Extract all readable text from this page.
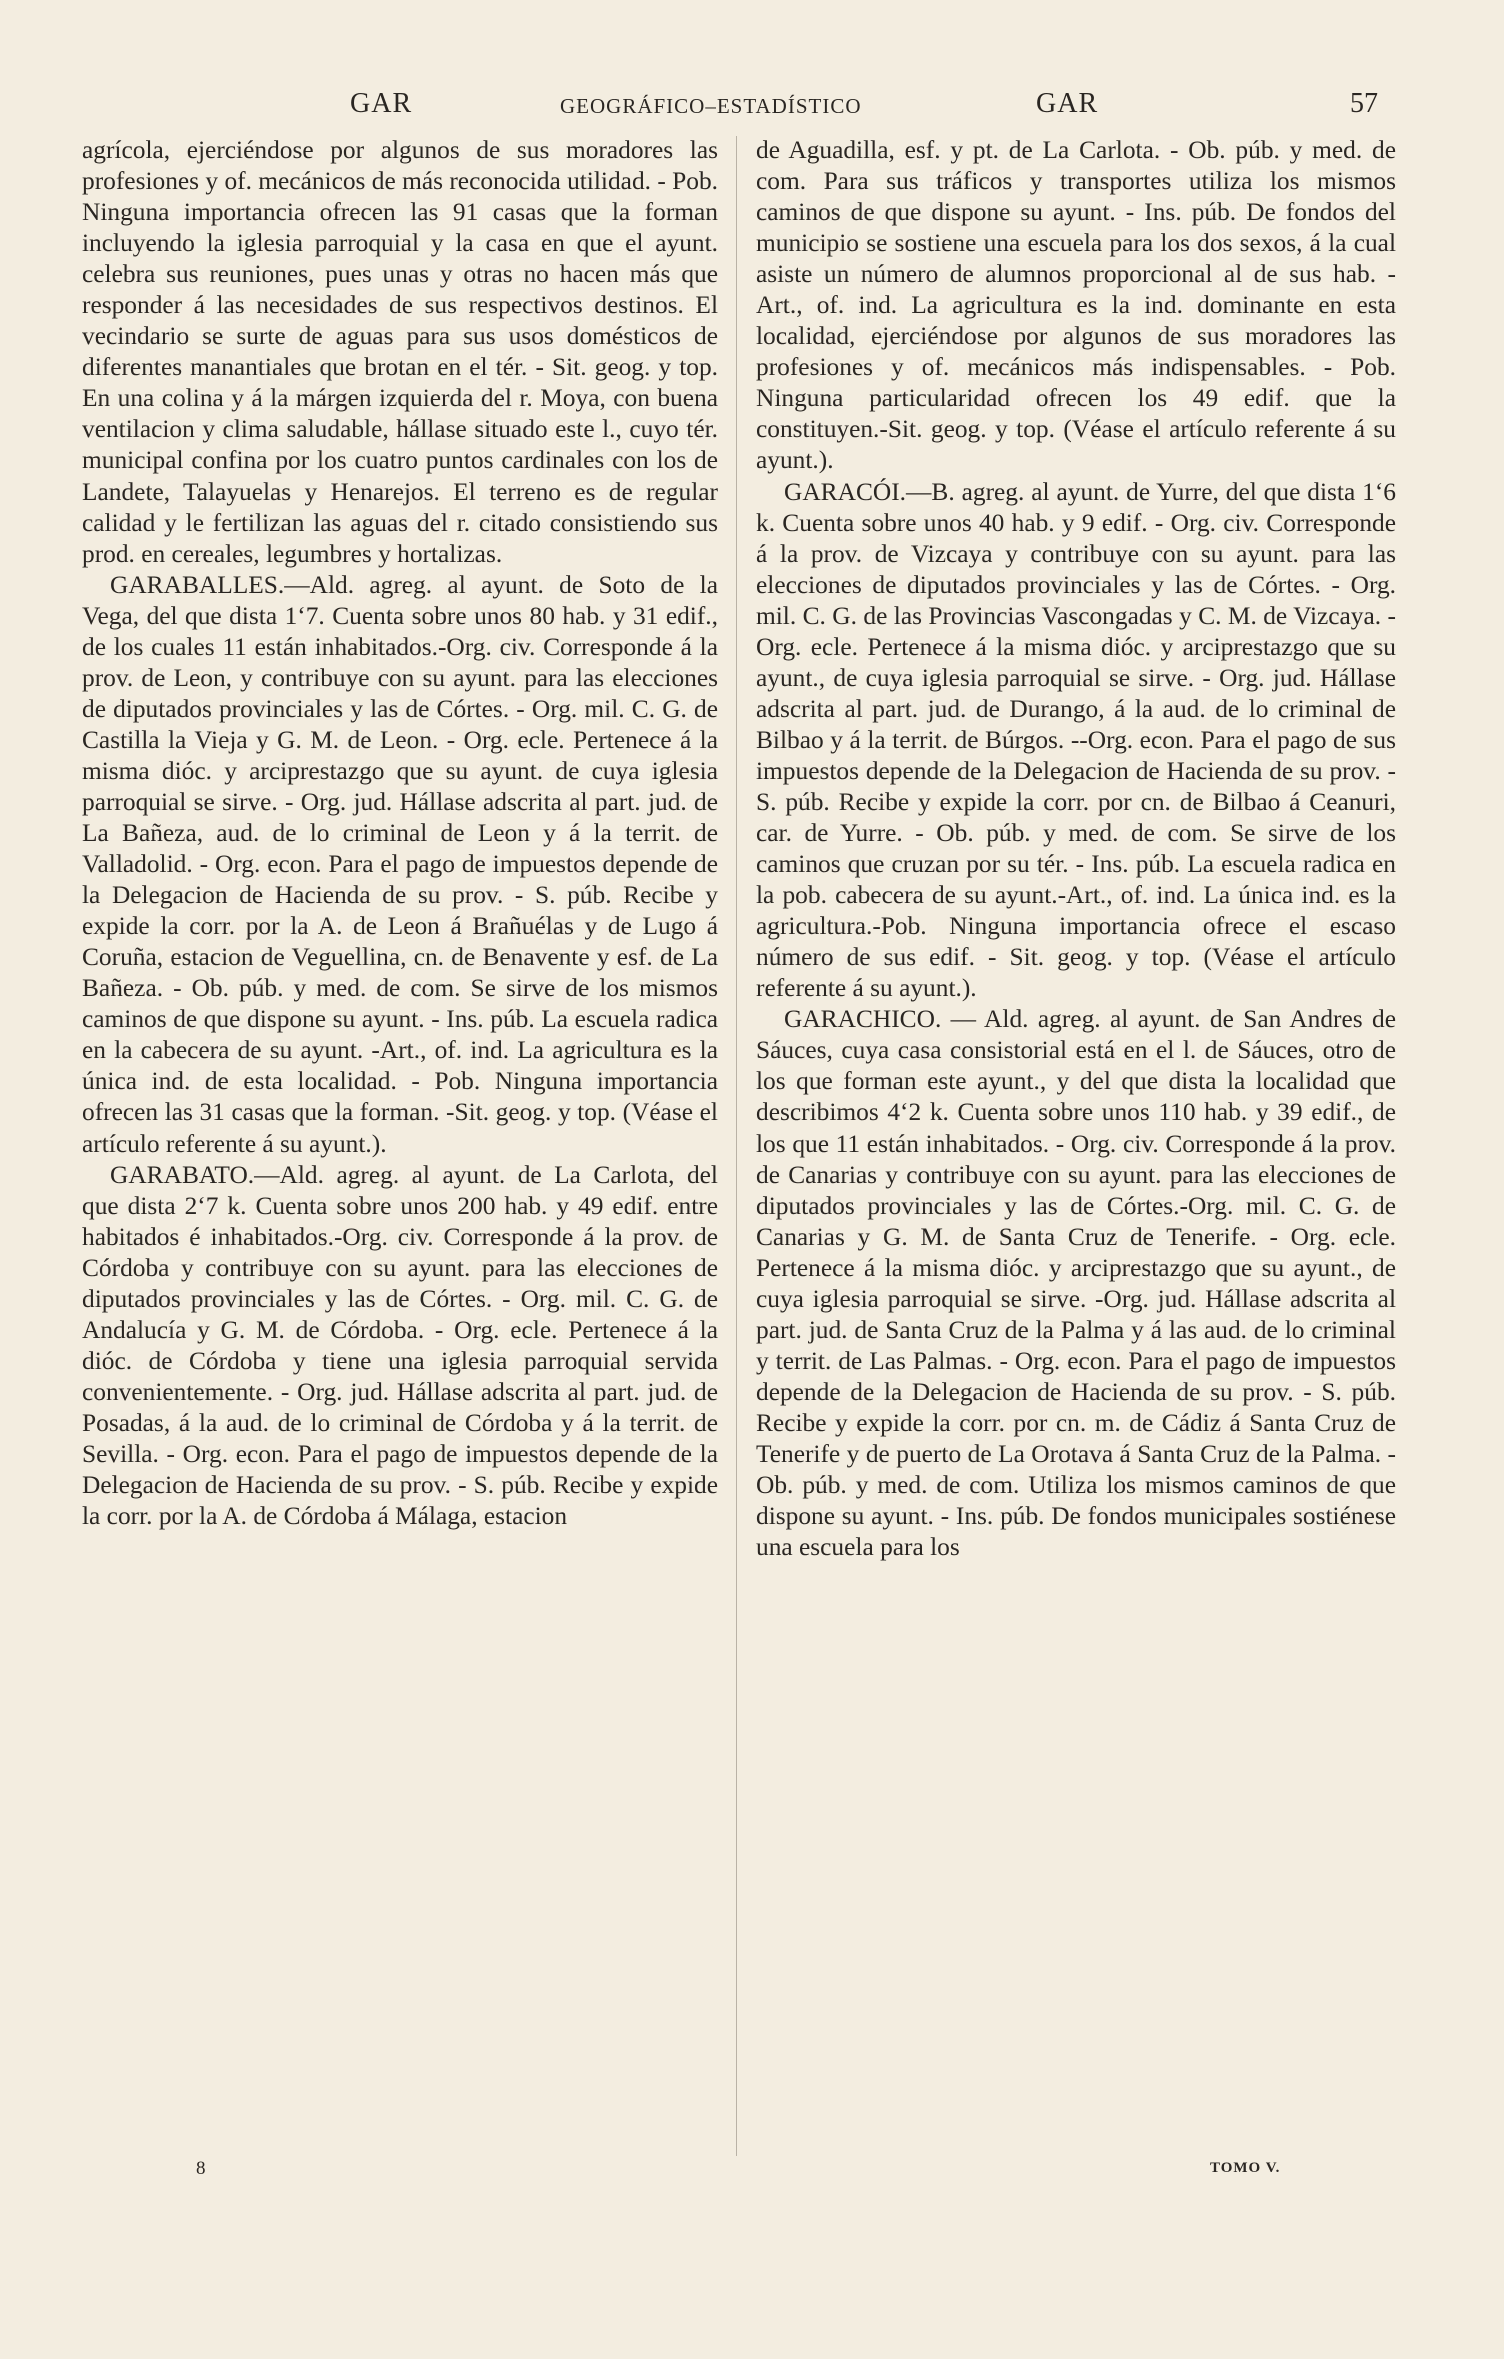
GAR	GEOGRÁFICO–ESTADÍSTICO	GAR	57

agrícola, ejerciéndose por algunos de sus moradores las profesiones y of. mecánicos de más reconocida utilidad. - Pob. Ninguna importancia ofrecen las 91 casas que la forman incluyendo la iglesia parroquial y la casa en que el ayunt. celebra sus reuniones, pues unas y otras no hacen más que responder á las necesidades de sus respectivos destinos. El vecindario se surte de aguas para sus usos domésticos de diferentes manantiales que brotan en el tér. - Sit. geog. y top. En una colina y á la márgen izquierda del r. Moya, con buena ventilacion y clima saludable, hállase situado este l., cuyo tér. municipal confina por los cuatro puntos cardinales con los de Landete, Talayuelas y Henarejos. El terreno es de regular calidad y le fertilizan las aguas del r. citado consistiendo sus prod. en cereales, legumbres y hortalizas.

GARABALLES.—Ald. agreg. al ayunt. de Soto de la Vega, del que dista 1‘7. Cuenta sobre unos 80 hab. y 31 edif., de los cuales 11 están inhabitados.-Org. civ. Corresponde á la prov. de Leon, y contribuye con su ayunt. para las elecciones de diputados provinciales y las de Córtes. - Org. mil. C. G. de Castilla la Vieja y G. M. de Leon. - Org. ecle. Pertenece á la misma dióc. y arciprestazgo que su ayunt. de cuya iglesia parroquial se sirve. - Org. jud. Hállase adscrita al part. jud. de La Bañeza, aud. de lo criminal de Leon y á la territ. de Valladolid. - Org. econ. Para el pago de impuestos depende de la Delegacion de Hacienda de su prov. - S. púb. Recibe y expide la corr. por la A. de Leon á Brañuélas y de Lugo á Coruña, estacion de Veguellina, cn. de Benavente y esf. de La Bañeza. - Ob. púb. y med. de com. Se sirve de los mismos caminos de que dispone su ayunt. - Ins. púb. La escuela radica en la cabecera de su ayunt. -Art., of. ind. La agricultura es la única ind. de esta localidad. - Pob. Ninguna importancia ofrecen las 31 casas que la forman. -Sit. geog. y top. (Véase el artículo referente á su ayunt.).

GARABATO.—Ald. agreg. al ayunt. de La Carlota, del que dista 2‘7 k. Cuenta sobre unos 200 hab. y 49 edif. entre habitados é inhabitados.-Org. civ. Corresponde á la prov. de Córdoba y contribuye con su ayunt. para las elecciones de diputados provinciales y las de Córtes. - Org. mil. C. G. de Andalucía y G. M. de Córdoba. - Org. ecle. Pertenece á la dióc. de Córdoba y tiene una iglesia parroquial servida convenientemente. - Org. jud. Hállase adscrita al part. jud. de Posadas, á la aud. de lo criminal de Córdoba y á la territ. de Sevilla. - Org. econ. Para el pago de impuestos depende de la Delegacion de Hacienda de su prov. - S. púb. Recibe y expide la corr. por la A. de Córdoba á Málaga, estacion

de Aguadilla, esf. y pt. de La Carlota. - Ob. púb. y med. de com. Para sus tráficos y transportes utiliza los mismos caminos de que dispone su ayunt. - Ins. púb. De fondos del municipio se sostiene una escuela para los dos sexos, á la cual asiste un número de alumnos proporcional al de sus hab. - Art., of. ind. La agricultura es la ind. dominante en esta localidad, ejerciéndose por algunos de sus moradores las profesiones y of. mecánicos más indispensables. - Pob. Ninguna particularidad ofrecen los 49 edif. que la constituyen.-Sit. geog. y top. (Véase el artículo referente á su ayunt.).

GARACÓI.—B. agreg. al ayunt. de Yurre, del que dista 1‘6 k. Cuenta sobre unos 40 hab. y 9 edif. - Org. civ. Corresponde á la prov. de Vizcaya y contribuye con su ayunt. para las elecciones de diputados provinciales y las de Córtes. - Org. mil. C. G. de las Provincias Vascongadas y C. M. de Vizcaya. -Org. ecle. Pertenece á la misma dióc. y arciprestazgo que su ayunt., de cuya iglesia parroquial se sirve. - Org. jud. Hállase adscrita al part. jud. de Durango, á la aud. de lo criminal de Bilbao y á la territ. de Búrgos. --Org. econ. Para el pago de sus impuestos depende de la Delegacion de Hacienda de su prov. - S. púb. Recibe y expide la corr. por cn. de Bilbao á Ceanuri, car. de Yurre. - Ob. púb. y med. de com. Se sirve de los caminos que cruzan por su tér. - Ins. púb. La escuela radica en la pob. cabecera de su ayunt.-Art., of. ind. La única ind. es la agricultura.-Pob. Ninguna importancia ofrece el escaso número de sus edif. - Sit. geog. y top. (Véase el artículo referente á su ayunt.).

GARACHICO. — Ald. agreg. al ayunt. de San Andres de Sáuces, cuya casa consistorial está en el l. de Sáuces, otro de los que forman este ayunt., y del que dista la localidad que describimos 4‘2 k. Cuenta sobre unos 110 hab. y 39 edif., de los que 11 están inhabitados. - Org. civ. Corresponde á la prov. de Canarias y contribuye con su ayunt. para las elecciones de diputados provinciales y las de Córtes.-Org. mil. C. G. de Canarias y G. M. de Santa Cruz de Tenerife. - Org. ecle. Pertenece á la misma dióc. y arciprestazgo que su ayunt., de cuya iglesia parroquial se sirve. -Org. jud. Hállase adscrita al part. jud. de Santa Cruz de la Palma y á las aud. de lo criminal y territ. de Las Palmas. - Org. econ. Para el pago de impuestos depende de la Delegacion de Hacienda de su prov. - S. púb. Recibe y expide la corr. por cn. m. de Cádiz á Santa Cruz de Tenerife y de puerto de La Orotava á Santa Cruz de la Palma. - Ob. púb. y med. de com. Utiliza los mismos caminos de que dispone su ayunt. - Ins. púb. De fondos municipales sostiénese una escuela para los

8	TOMO V.
